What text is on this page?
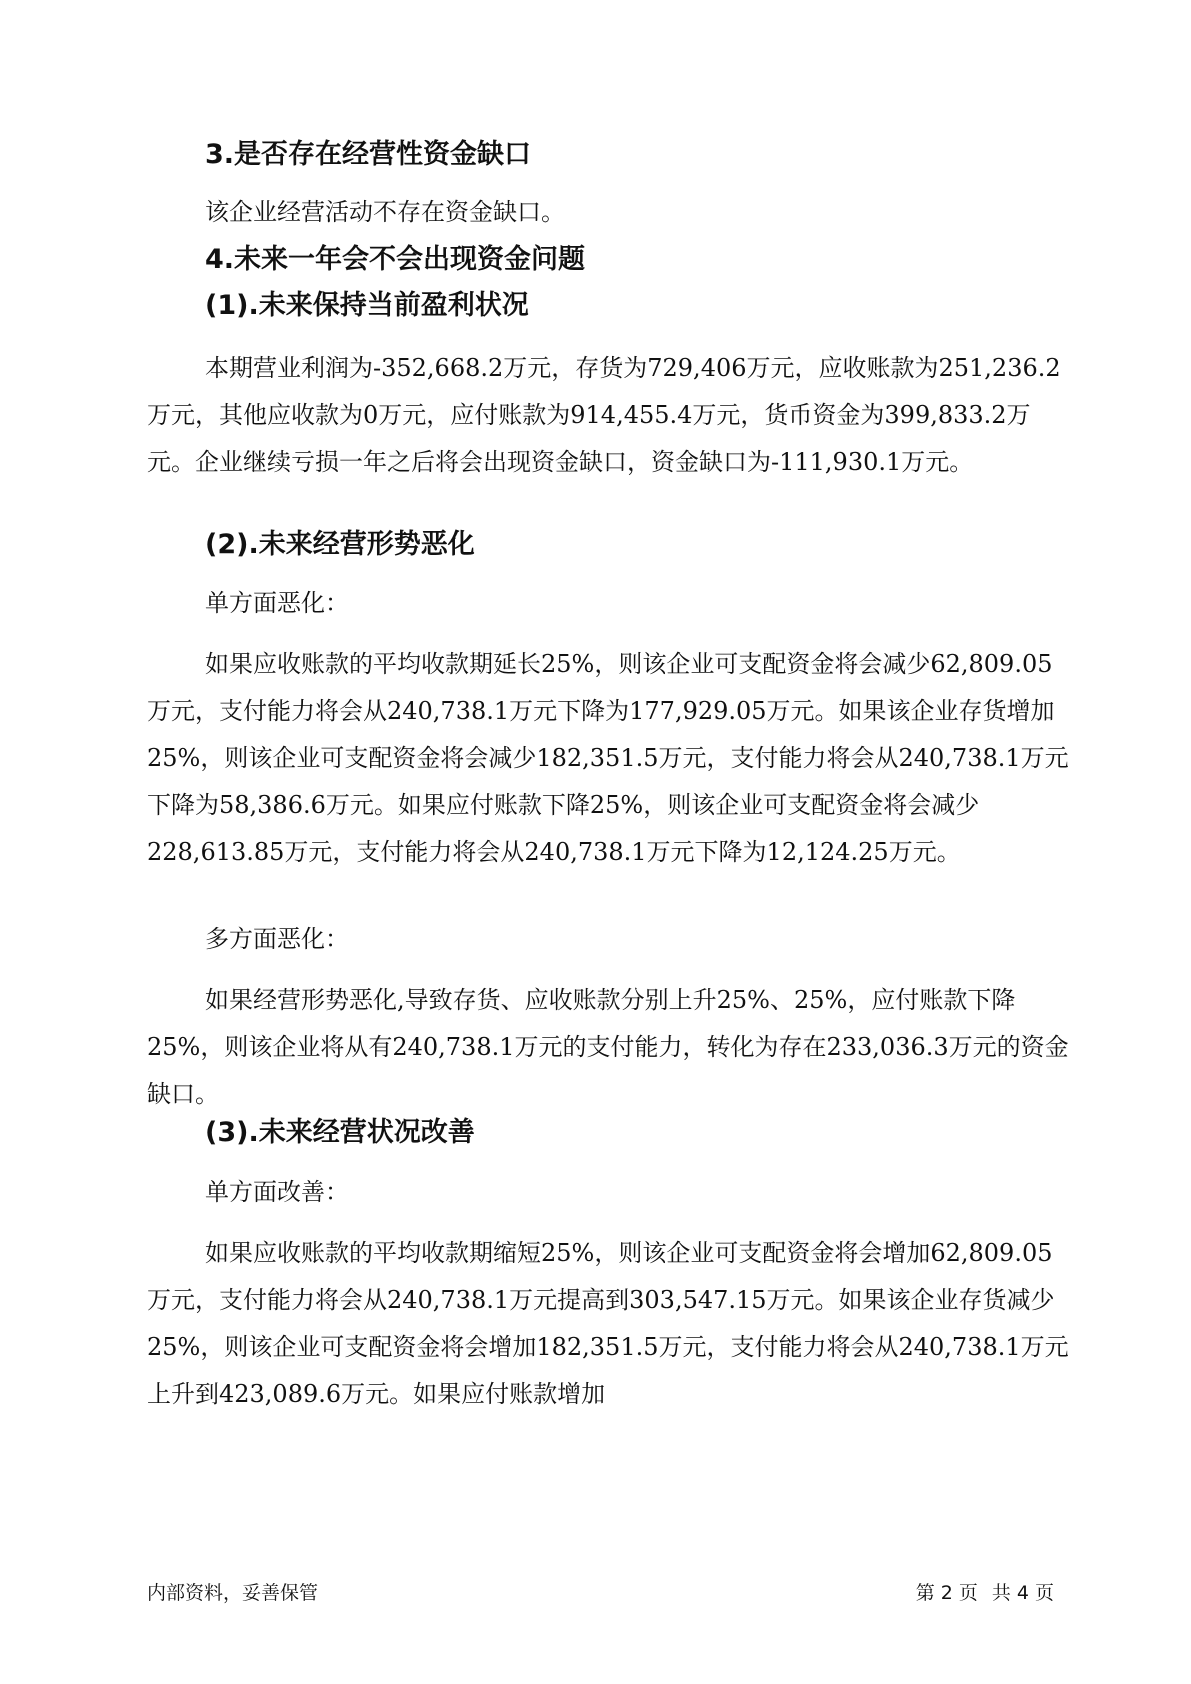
3.是否存在经营性资金缺口
该企业经营活动不存在资金缺口。
4.未来一年会不会出现资金问题
(1).未来保持当前盈利状况

本期营业利润为-352,668.2万元，存货为729,406万元，应收账款为251,236.2万元，其他应收款为0万元，应付账款为914,455.4万元，货币资金为399,833.2万元。企业继续亏损一年之后将会出现资金缺口，资金缺口为-111,930.1万元。

(2).未来经营形势恶化
单方面恶化：

如果应收账款的平均收款期延长25%，则该企业可支配资金将会减少62,809.05万元，支付能力将会从240,738.1万元下降为177,929.05万元。如果该企业存货增加25%，则该企业可支配资金将会减少182,351.5万元，支付能力将会从240,738.1万元下降为58,386.6万元。如果应付账款下降25%，则该企业可支配资金将会减少228,613.85万元，支付能力将会从240,738.1万元下降为12,124.25万元。

多方面恶化：

如果经营形势恶化,导致存货、应收账款分别上升25%、25%，应付账款下降25%，则该企业将从有240,738.1万元的支付能力，转化为存在233,036.3万元的资金缺口。

(3).未来经营状况改善
单方面改善：

如果应收账款的平均收款期缩短25%，则该企业可支配资金将会增加62,809.05万元，支付能力将会从240,738.1万元提高到303,547.15万元。如果该企业存货减少25%，则该企业可支配资金将会增加182,351.5万元，支付能力将会从240,738.1万元上升到423,089.6万元。如果应付账款增加

内部资料，妥善保管	第 2 页 共 4 页
